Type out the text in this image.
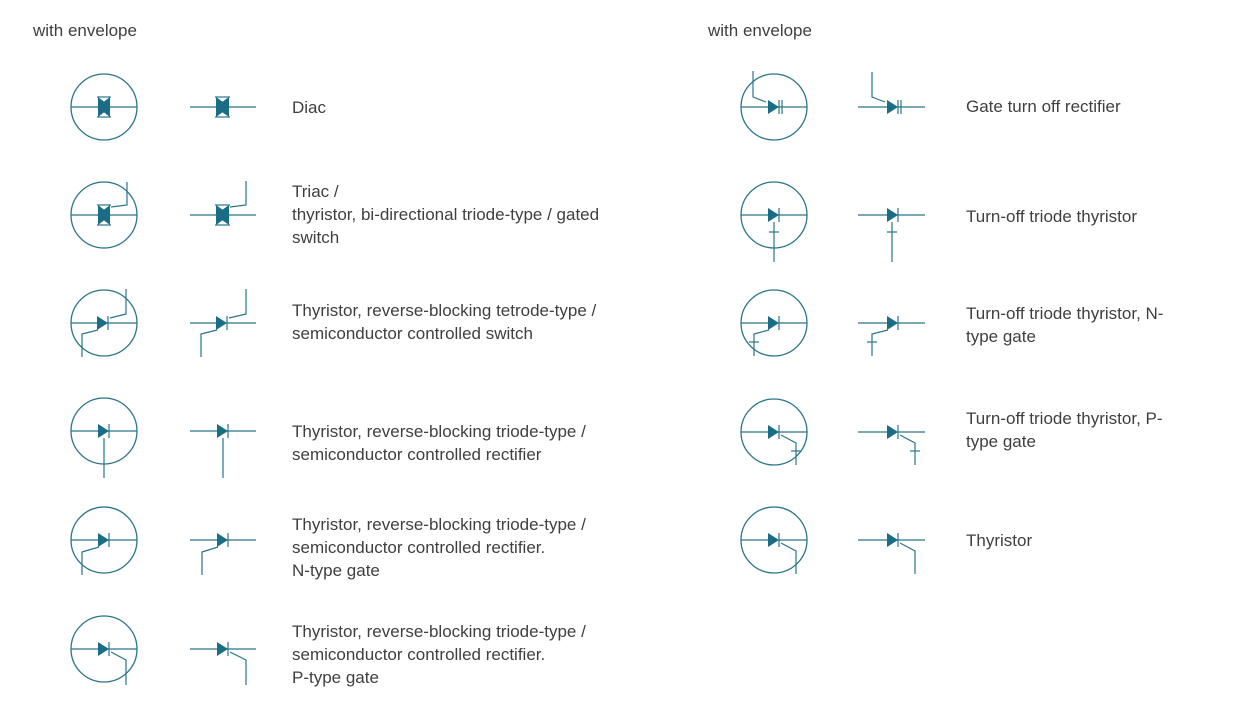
with envelope	with envelope
Diac
Triac /
thyristor, bi-directional triode-type / gated
switch
Thyristor, reverse-blocking tetrode-type /
semiconductor controlled switch
Thyristor, reverse-blocking triode-type /
semiconductor controlled rectifier
Thyristor, reverse-blocking triode-type /
semiconductor controlled rectifier.
N-type gate
Thyristor, reverse-blocking triode-type /
semiconductor controlled rectifier.
P-type gate
Gate turn off rectifier
Turn-off triode thyristor
Turn-off triode thyristor, N-
type gate
Turn-off triode thyristor, P-
type gate
Thyristor
